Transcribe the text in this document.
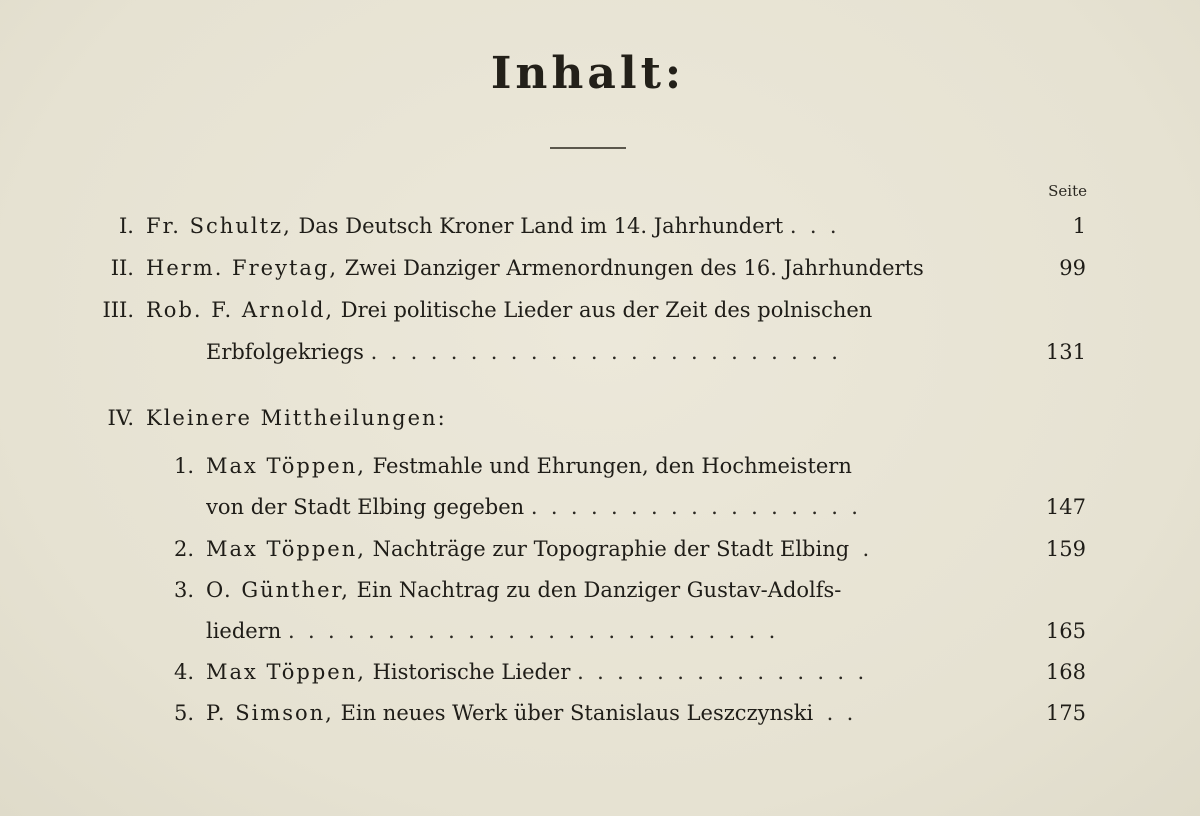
Inhalt:
Seite
I. Fr. Schultz, Das Deutsch Kroner Land im 14. Jahrhundert .  .  .	1
II. Herm. Freytag, Zwei Danziger Armenordnungen des 16. Jahrhunderts	99
III. Rob. F. Arnold, Drei politische Lieder aus der Zeit des polnischen
Erbfolgekriegs .  .  .  .  .  .  .  .  .  .  .  .  .  .  .  .  .  .  .  .  .  .  .  .	131
IV. Kleinere Mittheilungen:
1. Max Töppen, Festmahle und Ehrungen, den Hochmeistern
von der Stadt Elbing gegeben .  .  .  .  .  .  .  .  .  .  .  .  .  .  .  .  .	147
2. Max Töppen, Nachträge zur Topographie der Stadt Elbing  .	159
3. O. Günther, Ein Nachtrag zu den Danziger Gustav-Adolfs-
liedern .  .  .  .  .  .  .  .  .  .  .  .  .  .  .  .  .  .  .  .  .  .  .  .  .	165
4. Max Töppen, Historische Lieder .  .  .  .  .  .  .  .  .  .  .  .  .  .  .	168
5. P. Simson, Ein neues Werk über Stanislaus Leszczynski  .  .	175
